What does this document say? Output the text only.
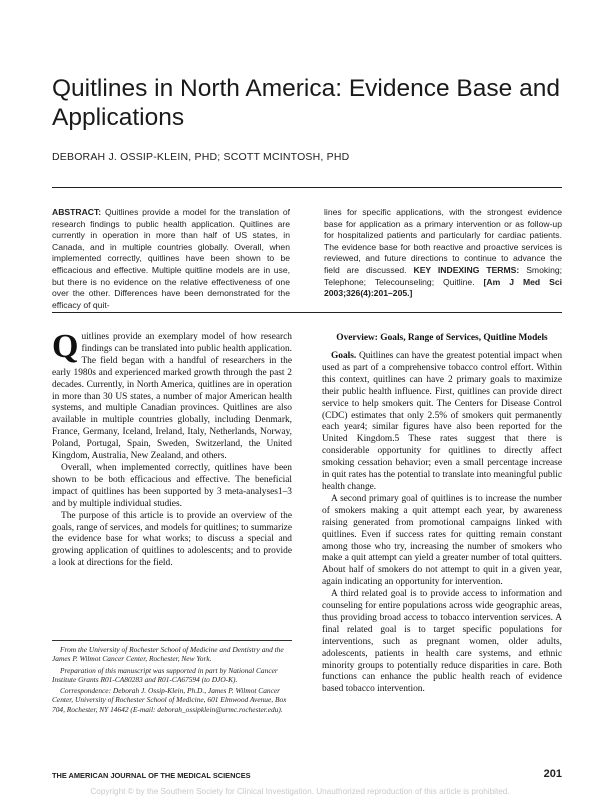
Quitlines in North America: Evidence Base and Applications
DEBORAH J. OSSIP-KLEIN, PHD; SCOTT MCINTOSH, PHD

ABSTRACT: Quitlines provide a model for the translation of research findings to public health application. Quitlines are currently in operation in more than half of US states, in Canada, and in multiple countries globally. Overall, when implemented correctly, quitlines have been shown to be efficacious and effective. Multiple quitline models are in use, but there is no evidence on the relative effectiveness of one over the other. Differences have been demonstrated for the efficacy of quit-

lines for specific applications, with the strongest evidence base for application as a primary intervention or as follow-up for hospitalized patients and particularly for cardiac patients. The evidence base for both reactive and proactive services is reviewed, and future directions to continue to advance the field are discussed. KEY INDEXING TERMS: Smoking; Telephone; Telecounseling; Quitline. [Am J Med Sci 2003;326(4):201–205.]

Quitlines provide an exemplary model of how research findings can be translated into public health application. The field began with a handful of researchers in the early 1980s and experienced marked growth through the past 2 decades. Currently, in North America, quitlines are in operation in more than 30 US states, a number of major American health systems, and multiple Canadian provinces. Quitlines are also available in multiple countries globally, including Denmark, France, Germany, Iceland, Ireland, Italy, Netherlands, Norway, Poland, Portugal, Spain, Sweden, Switzerland, the United Kingdom, Australia, New Zealand, and others.

Overall, when implemented correctly, quitlines have been shown to be both efficacious and effective. The beneficial impact of quitlines has been supported by 3 meta-analyses1–3 and by multiple individual studies.

The purpose of this article is to provide an overview of the goals, range of services, and models for quitlines; to summarize the evidence base for what works; to discuss a special and growing application of quitlines to adolescents; and to provide a look at directions for the field.

From the University of Rochester School of Medicine and Dentistry and the James P. Wilmot Cancer Center, Rochester, New York.

Preparation of this manuscript was supported in part by National Cancer Institute Grants R01-CA80283 and R01-CA67594 (to DJO-K).

Correspondence: Deborah J. Ossip-Klein, Ph.D., James P. Wilmot Cancer Center, University of Rochester School of Medicine, 601 Elmwood Avenue, Box 704, Rochester, NY 14642 (E-mail: deborah_ossipklein@urmc.rochester.edu).

Overview: Goals, Range of Services, Quitline Models

Goals. Quitlines can have the greatest potential impact when used as part of a comprehensive tobacco control effort. Within this context, quitlines can have 2 primary goals to maximize their public health influence. First, quitlines can provide direct service to help smokers quit. The Centers for Disease Control (CDC) estimates that only 2.5% of smokers quit permanently each year4; similar figures have also been reported for the United Kingdom.5 These rates suggest that there is considerable opportunity for quitlines to directly affect smoking cessation behavior; even a small percentage increase in quit rates has the potential to translate into meaningful public health change.

A second primary goal of quitlines is to increase the number of smokers making a quit attempt each year, by awareness raising generated from promotional campaigns linked with quitlines. Even if success rates for quitting remain constant among those who try, increasing the number of smokers who make a quit attempt can yield a greater number of total quitters. About half of smokers do not attempt to quit in a given year, again indicating an opportunity for intervention.

A third related goal is to provide access to information and counseling for entire populations across wide geographic areas, thus providing broad access to tobacco intervention services. A final related goal is to target specific populations for interventions, such as pregnant women, older adults, adolescents, patients in health care systems, and ethnic minority groups to potentially reduce disparities in care. Both functions can enhance the public health reach of evidence based tobacco intervention.

THE AMERICAN JOURNAL OF THE MEDICAL SCIENCES	201
Copyright © by the Southern Society for Clinical Investigation. Unauthorized reproduction of this article is prohibited.
